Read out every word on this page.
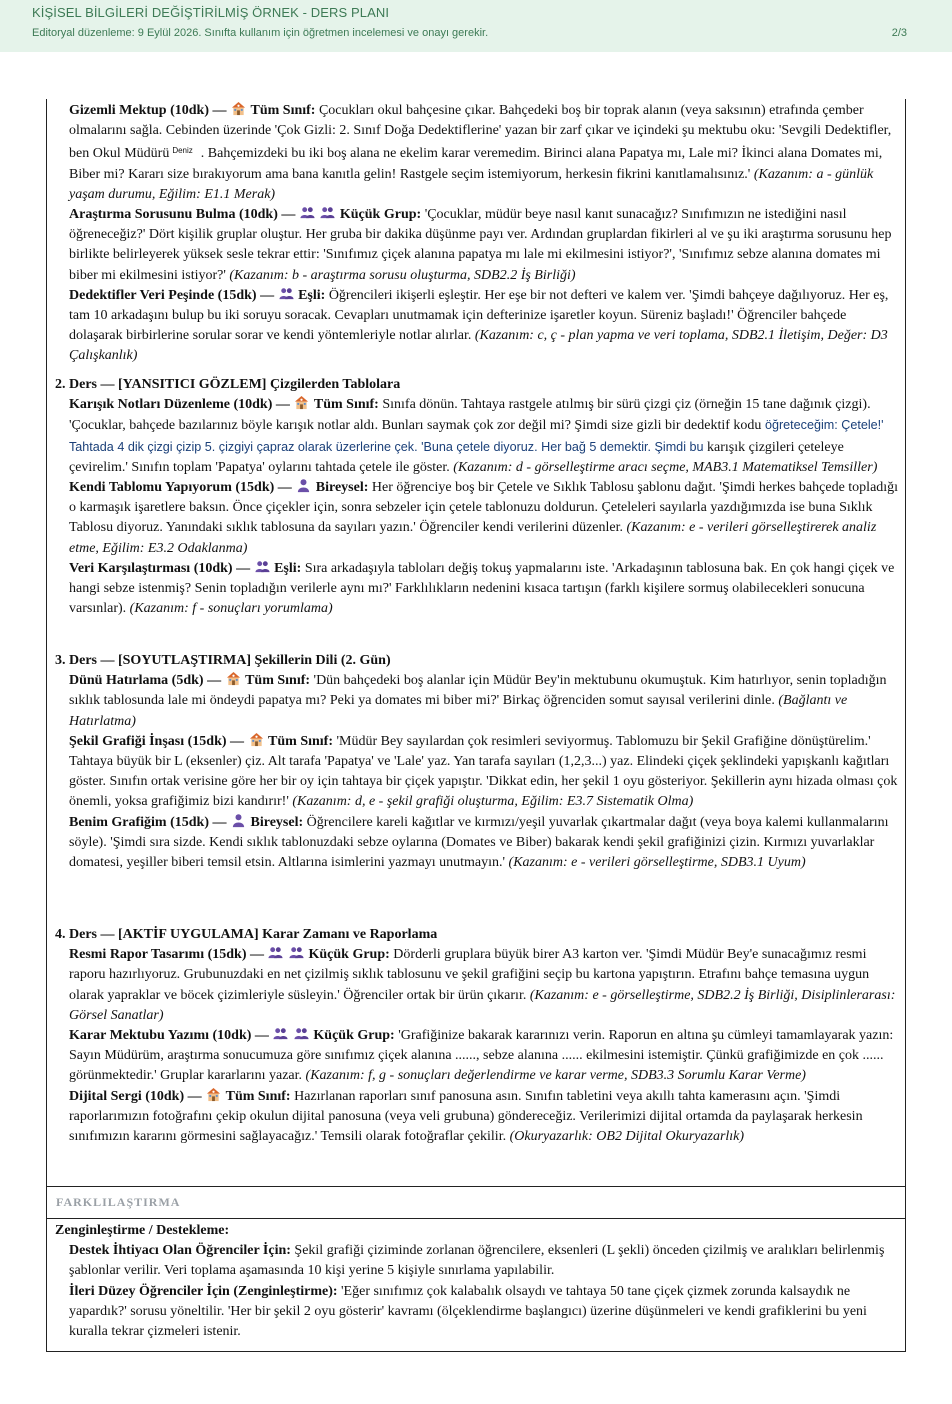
KİŞİSEL BİLGİLERİ DEĞİŞTİRİLMİŞ ÖRNEK - DERS PLANI
Editoryal düzenleme: 9 Eylül 2026. Sınıfta kullanım için öğretmen incelemesi ve onayı gerekir.	2/3
Gizemli Mektup (10dk) — Tüm Sınıf: Çocukları okul bahçesine çıkar. Bahçedeki boş bir toprak alanın (veya saksının) etrafında çember olmalarını sağla. Cebinden üzerinde 'Çok Gizli: 2. Sınıf Doğa Dedektiflerine' yazan bir zarf çıkar ve içindeki şu mektubu oku: 'Sevgili Dedektifler, ben Okul Müdürü $^{Deniz}$ . Bahçemizdeki bu iki boş alana ne ekelim karar veremedim. Birinci alana Papatya mı, Lale mi? İkinci alana Domates mi, Biber mi? Kararı size bırakıyorum ama bana kanıtla gelin! Rastgele seçim istemiyorum, herkesin fikrini kanıtlamalısınız.' (Kazanım: a - günlük yaşam durumu, Eğilim: E1.1 Merak)
Araştırma Sorusunu Bulma (10dk) —	Küçük Grup: 'Çocuklar, müdür beye nasıl kanıt sunacağız? Sınıfımızın ne istediğini nasıl öğreneceğiz?' Dört kişilik gruplar oluştur. Her gruba bir dakika düşünme payı ver. Ardından gruplardan fikirleri al ve şu iki araştırma sorusunu hep birlikte belirleyerek yüksek sesle tekrar ettir: 'Sınıfımız çiçek alanına papatya mı lale mi ekilmesini istiyor?', 'Sınıfımız sebze alanına domates mi biber mi ekilmesini istiyor?' (Kazanım: b - araştırma sorusu oluşturma, SDB2.2 İş Birliği)
Dedektifler Veri Peşinde (15dk) — Eşli: Öğrencileri ikişerli eşleştir. Her eşe bir not defteri ve kalem ver. 'Şimdi bahçeye dağılıyoruz. Her eş, tam 10 arkadaşını bulup bu iki soruyu soracak. Cevapları unutmamak için defterinize işaretler koyun. Süreniz başladı!' Öğrenciler bahçede dolaşarak birbirlerine sorular sorar ve kendi yöntemleriyle notlar alırlar. (Kazanım: c, ç - plan yapma ve veri toplama, SDB2.1 İletişim, Değer: D3 Çalışkanlık)
2. Ders — [YANSITICI GÖZLEM] Çizgilerden Tablolara
Karışık Notları Düzenleme (10dk) — Tüm Sınıf: Sınıfa dönün. Tahtaya rastgele atılmış bir sürü çizgi çiz (örneğin 15 tane dağınık çizgi). 'Çocuklar, bahçede bazılarınız böyle karışık notlar aldı. Bunları saymak çok zor değil mi? Şimdi size gizli bir dedektif kodu öğreteceğim: Çetele!' Tahtada 4 dik çizgi çizip 5. çizgiyi çapraz olarak üzerlerine çek. 'Buna çetele diyoruz. Her bağ 5 demektir. Şimdi bu karışık çizgileri çeteleye çevirelim.' Sınıfın toplam 'Papatya' oylarını tahtada çetele ile göster. (Kazanım: d - görselleştirme aracı seçme, MAB3.1 Matematiksel Temsiller)
Kendi Tablomu Yapıyorum (15dk) — Bireysel: Her öğrenciye boş bir Çetele ve Sıklık Tablosu şablonu dağıt. 'Şimdi herkes bahçede topladığı o karmaşık işaretlere baksın. Önce çiçekler için, sonra sebzeler için çetele tablonuzu doldurun. Çeteleleri sayılarla yazdığımızda ise buna Sıklık Tablosu diyoruz. Yanındaki sıklık tablosuna da sayıları yazın.' Öğrenciler kendi verilerini düzenler. (Kazanım: e - verileri görselleştirerek analiz etme, Eğilim: E3.2 Odaklanma)
Veri Karşılaştırması (10dk) — Eşli: Sıra arkadaşıyla tabloları değiş tokuş yapmalarını iste. 'Arkadaşının tablosuna bak. En çok hangi çiçek ve hangi sebze istenmiş? Senin topladığın verilerle aynı mı?' Farklılıkların nedenini kısaca tartışın (farklı kişilere sormuş olabilecekleri sonucuna varsınlar). (Kazanım: f - sonuçları yorumlama)
3. Ders — [SOYUTLAŞTIRMA] Şekillerin Dili (2. Gün)
Dünü Hatırlama (5dk) — Tüm Sınıf: 'Dün bahçedeki boş alanlar için Müdür Bey'in mektubunu okumuştuk. Kim hatırlıyor, senin topladığın sıklık tablosunda lale mi öndeydi papatya mı? Peki ya domates mi biber mi?' Birkaç öğrenciden somut sayısal verilerini dinle. (Bağlantı ve Hatırlatma)
Şekil Grafiği İnşası (15dk) — Tüm Sınıf: 'Müdür Bey sayılardan çok resimleri seviyormuş. Tablomuzu bir Şekil Grafiğine dönüştürelim.' Tahtaya büyük bir L (eksenler) çiz. Alt tarafa 'Papatya' ve 'Lale' yaz. Yan tarafa sayıları (1,2,3...) yaz. Elindeki çiçek şeklindeki yapışkanlı kağıtları göster. Sınıfın ortak verisine göre her bir oy için tahtaya bir çiçek yapıştır. 'Dikkat edin, her şekil 1 oyu gösteriyor. Şekillerin aynı hizada olması çok önemli, yoksa grafiğimiz bizi kandırır!' (Kazanım: d, e - şekil grafiği oluşturma, Eğilim: E3.7 Sistematik Olma)
Benim Grafiğim (15dk) — Bireysel: Öğrencilere kareli kağıtlar ve kırmızı/yeşil yuvarlak çıkartmalar dağıt (veya boya kalemi kullanmalarını söyle). 'Şimdi sıra sizde. Kendi sıklık tablonuzdaki sebze oylarına (Domates ve Biber) bakarak kendi şekil grafiğinizi çizin. Kırmızı yuvarlaklar domatesi, yeşiller biberi temsil etsin. Altlarına isimlerini yazmayı unutmayın.' (Kazanım: e - verileri görselleştirme, SDB3.1 Uyum)
4. Ders — [AKTİF UYGULAMA] Karar Zamanı ve Raporlama
Resmi Rapor Tasarımı (15dk) —	Küçük Grup: Dörderli gruplara büyük birer A3 karton ver. 'Şimdi Müdür Bey'e sunacağımız resmi raporu hazırlıyoruz. Grubunuzdaki en net çizilmiş sıklık tablosunu ve şekil grafiğini seçip bu kartona yapıştırın. Etrafını bahçe temasına uygun olarak yapraklar ve böcek çizimleriyle süsleyin.' Öğrenciler ortak bir ürün çıkarır. (Kazanım: e - görselleştirme, SDB2.2 İş Birliği, Disiplinlerarası: Görsel Sanatlar)
Karar Mektubu Yazımı (10dk) —	Küçük Grup: 'Grafiğinize bakarak kararınızı verin. Raporun en altına şu cümleyi tamamlayarak yazın: Sayın Müdürüm, araştırma sonucumuza göre sınıfımız çiçek alanına ......, sebze alanına ...... ekilmesini istemiştir. Çünkü grafiğimizde en çok ...... görünmektedir.' Gruplar kararlarını yazar. (Kazanım: f, g - sonuçları değerlendirme ve karar verme, SDB3.3 Sorumlu Karar Verme)
Dijital Sergi (10dk) — Tüm Sınıf: Hazırlanan raporları sınıf panosuna asın. Sınıfın tabletini veya akıllı tahta kamerasını açın. 'Şimdi raporlarımızın fotoğrafını çekip okulun dijital panosuna (veya veli grubuna) göndereceğiz. Verilerimizi dijital ortamda da paylaşarak herkesin sınıfımızın kararını görmesini sağlayacağız.' Temsili olarak fotoğraflar çekilir. (Okuryazarlık: OB2 Dijital Okuryazarlık)
FARKLILAŞTIRMA
Zenginleştirme / Destekleme:
Destek İhtiyacı Olan Öğrenciler İçin: Şekil grafiği çiziminde zorlanan öğrencilere, eksenleri (L şekli) önceden çizilmiş ve aralıkları belirlenmiş şablonlar verilir. Veri toplama aşamasında 10 kişi yerine 5 kişiyle sınırlama yapılabilir.
İleri Düzey Öğrenciler İçin (Zenginleştirme): 'Eğer sınıfımız çok kalabalık olsaydı ve tahtaya 50 tane çiçek çizmek zorunda kalsaydık ne yapardık?' sorusu yöneltilir. 'Her bir şekil 2 oyu gösterir' kavramı (ölçeklendirme başlangıcı) üzerine düşünmeleri ve kendi grafiklerini bu yeni kuralla tekrar çizmeleri istenir.
